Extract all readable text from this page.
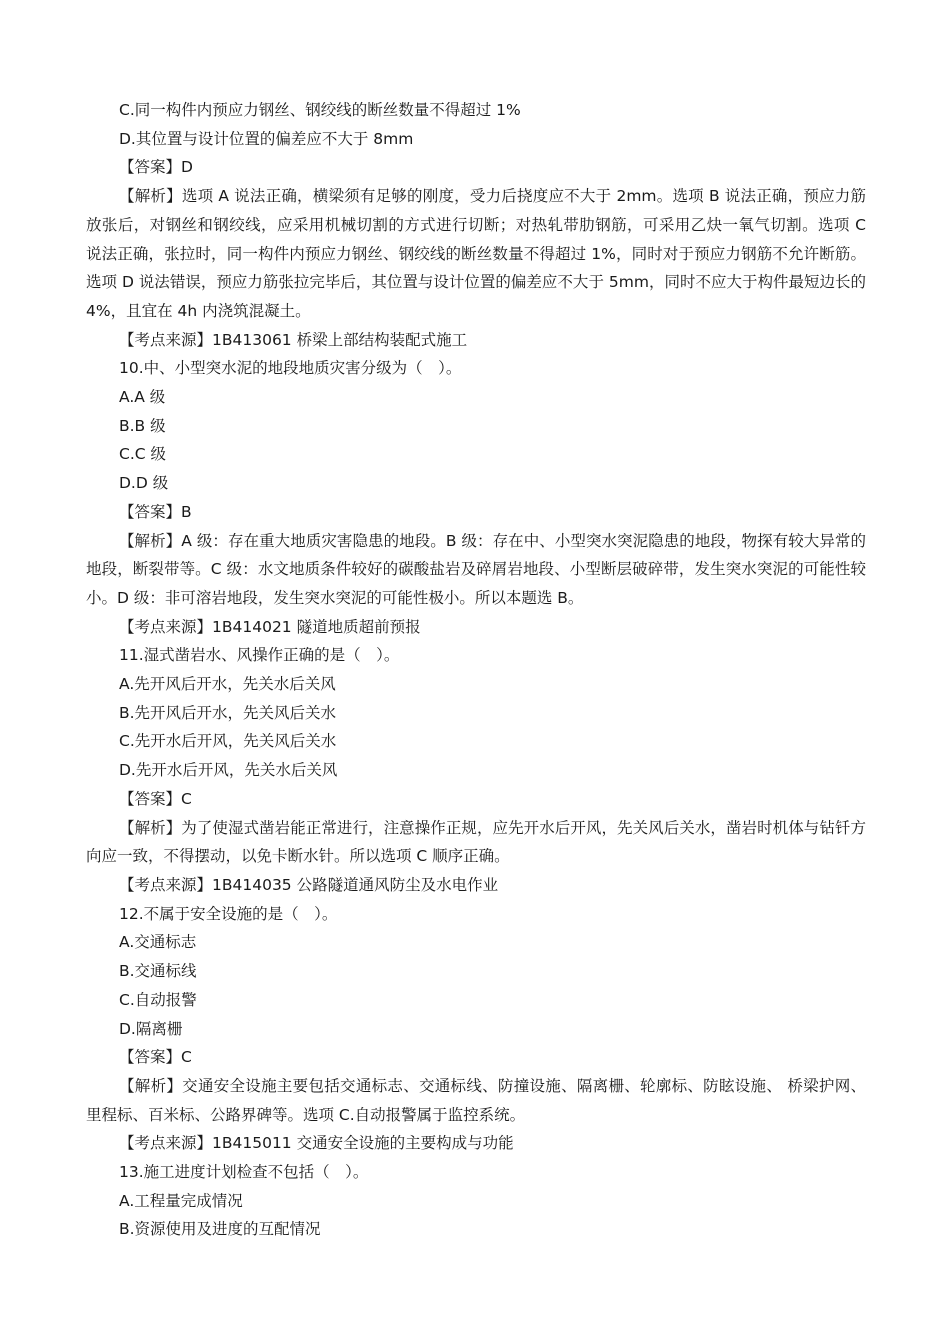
C.同一构件内预应力钢丝、钢绞线的断丝数量不得超过 1%
D.其位置与设计位置的偏差应不大于 8mm
【答案】D
【解析】选项 A 说法正确，横梁须有足够的刚度，受力后挠度应不大于 2mm。选项 B 说法正确，预应力筋放张后，对钢丝和钢绞线，应采用机械切割的方式进行切断；对热轧带肋钢筋，可采用乙炔一氧气切割。选项 C 说法正确，张拉时，同一构件内预应力钢丝、钢绞线的断丝数量不得超过 1%，同时对于预应力钢筋不允许断筋。选项 D 说法错误，预应力筋张拉完毕后，其位置与设计位置的偏差应不大于 5mm，同时不应大于构件最短边长的 4%，且宜在 4h 内浇筑混凝土。
【考点来源】1B413061 桥梁上部结构装配式施工
10.中、小型突水泥的地段地质灾害分级为（　）。
A.A 级
B.B 级
C.C 级
D.D 级
【答案】B
【解析】A 级：存在重大地质灾害隐患的地段。B 级：存在中、小型突水突泥隐患的地段，物探有较大异常的地段，断裂带等。C 级：水文地质条件较好的碳酸盐岩及碎屑岩地段、小型断层破碎带，发生突水突泥的可能性较小。D 级：非可溶岩地段，发生突水突泥的可能性极小。所以本题选 B。
【考点来源】1B414021 隧道地质超前预报
11.湿式凿岩水、风操作正确的是（　）。
A.先开风后开水，先关水后关风
B.先开风后开水，先关风后关水
C.先开水后开风，先关风后关水
D.先开水后开风，先关水后关风
【答案】C
【解析】为了使湿式凿岩能正常进行，注意操作正规，应先开水后开风，先关风后关水，凿岩时机体与钻钎方向应一致，不得摆动，以免卡断水针。所以选项 C 顺序正确。
【考点来源】1B414035 公路隧道通风防尘及水电作业
12.不属于安全设施的是（　）。
A.交通标志
B.交通标线
C.自动报警
D.隔离栅
【答案】C
【解析】交通安全设施主要包括交通标志、交通标线、防撞设施、隔离栅、轮廓标、防眩设施、 桥梁护网、里程标、百米标、公路界碑等。选项 C.自动报警属于监控系统。
【考点来源】1B415011 交通安全设施的主要构成与功能
13.施工进度计划检查不包括（　）。
A.工程量完成情况
B.资源使用及进度的互配情况
